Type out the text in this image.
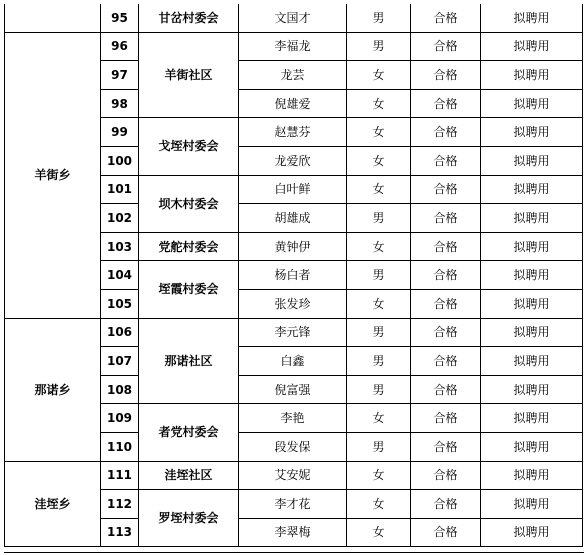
	95	甘岔村委会	文国才	男	合格	拟聘用
羊街乡	96	羊街社区	李福龙	男	合格	拟聘用
	97		龙芸	女	合格	拟聘用
	98		倪雄爱	女	合格	拟聘用
	99	戈垤村委会	赵慧芬	女	合格	拟聘用
	100		龙爱欣	女	合格	拟聘用
	101	坝木村委会	白叶鲜	女	合格	拟聘用
	102		胡雄成	男	合格	拟聘用
	103	党舵村委会	黄钟伊	女	合格	拟聘用
	104	垤霞村委会	杨白者	男	合格	拟聘用
	105		张发珍	女	合格	拟聘用
那诺乡	106	那诺社区	李元锋	男	合格	拟聘用
	107		白鑫	男	合格	拟聘用
	108		倪富强	男	合格	拟聘用
	109	者党村委会	李艳	女	合格	拟聘用
	110		段发保	男	合格	拟聘用
洼垤乡	111	洼垤社区	艾安妮	女	合格	拟聘用
	112	罗垤村委会	李才花	女	合格	拟聘用
	113		李翠梅	女	合格	拟聘用
